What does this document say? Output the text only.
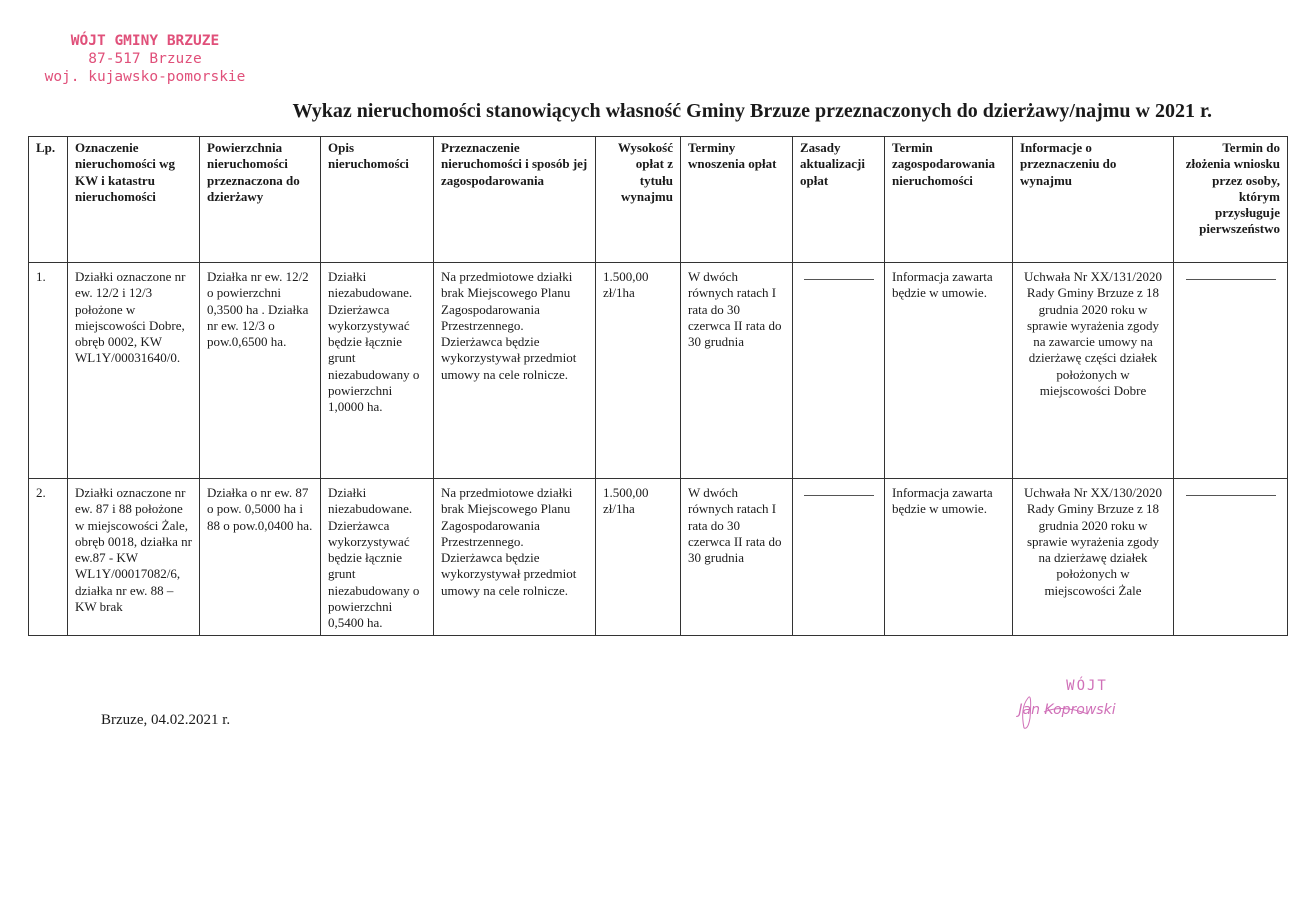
WÓJT GMINY BRZUZE
87-517 Brzuze
woj. kujawsko-pomorskie
Wykaz nieruchomości stanowiących własność Gminy Brzuze przeznaczonych do dzierżawy/najmu w 2021 r.
Lp.	Oznaczenie nieruchomości wg KW i katastru nieruchomości	Powierzchnia nieruchomości przeznaczona do dzierżawy	Opis nieruchomości	Przeznaczenie nieruchomości i sposób jej zagospodarowania	Wysokość opłat z tytułu wynajmu	Terminy wnoszenia opłat	Zasady aktualizacji opłat	Termin zagospodarowania nieruchomości	Informacje o przeznaczeniu do wynajmu	Termin do złożenia wniosku przez osoby, którym przysługuje pierwszeństwo
1.	Działki oznaczone nr ew. 12/2 i 12/3 położone w miejscowości Dobre, obręb 0002, KW WL1Y/00031640/0.	Działka nr ew. 12/2 o powierzchni 0,3500 ha . Działka nr ew. 12/3 o pow.0,6500 ha.	Działki niezabudowane. Dzierżawca wykorzystywać będzie łącznie grunt niezabudowany o powierzchni 1,0000 ha.	Na przedmiotowe działki brak Miejscowego Planu Zagospodarowania Przestrzennego. Dzierżawca będzie wykorzystywał przedmiot umowy na cele rolnicze.	1.500,00 zł/1ha	W dwóch równych ratach I rata do 30 czerwca II rata do 30 grudnia		Informacja zawarta będzie w umowie.	Uchwała Nr XX/131/2020 Rady Gminy Brzuze z 18 grudnia 2020 roku w sprawie wyrażenia zgody na zawarcie umowy na dzierżawę części działek położonych w miejscowości Dobre	

2.	Działki oznaczone nr ew. 87 i 88 położone w miejscowości Żale, obręb 0018, działka nr ew.87 - KW WL1Y/00017082/6, działka nr ew. 88 – KW brak	Działka o nr ew. 87 o pow. 0,5000 ha i 88 o pow.0,0400 ha.	Działki niezabudowane. Dzierżawca wykorzystywać będzie łącznie grunt niezabudowany o powierzchni 0,5400 ha.	Na przedmiotowe działki brak Miejscowego Planu Zagospodarowania Przestrzennego. Dzierżawca będzie wykorzystywał przedmiot umowy na cele rolnicze.	1.500,00 zł/1ha	W dwóch równych ratach I rata do 30 czerwca II rata do 30 grudnia		Informacja zawarta będzie w umowie.	Uchwała Nr XX/130/2020 Rady Gminy Brzuze z 18 grudnia 2020 roku w sprawie wyrażenia zgody na dzierżawę działek położonych w miejscowości Żale	
Brzuze, 04.02.2021 r.
WÓJT
Jan Koprowski
